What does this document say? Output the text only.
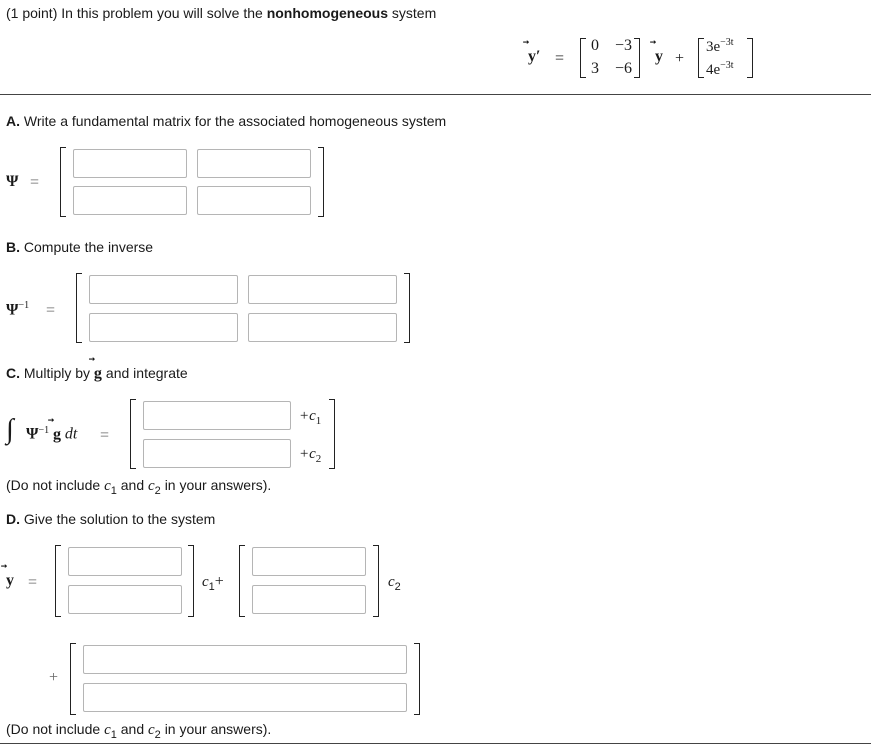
(1 point) In this problem you will solve the nonhomogeneous system
y′ =
0 −3
3 −6
y +
$3e^{-3t}$
$4e^{-3t}$
A. Write a fundamental matrix for the associated homogeneous system
Ψ =
B. Compute the inverse
$\Psi^{-1}$ =
C. Multiply by g and integrate
∫ $\Psi^{-1}$ g dt =
$+c_1$
$+c_2$
(Do not include $c_1$ and $c_2$ in your answers).
D. Give the solution to the system
y =	$c_1+$	$c_2$
+
(Do not include $c_1$ and $c_2$ in your answers).
